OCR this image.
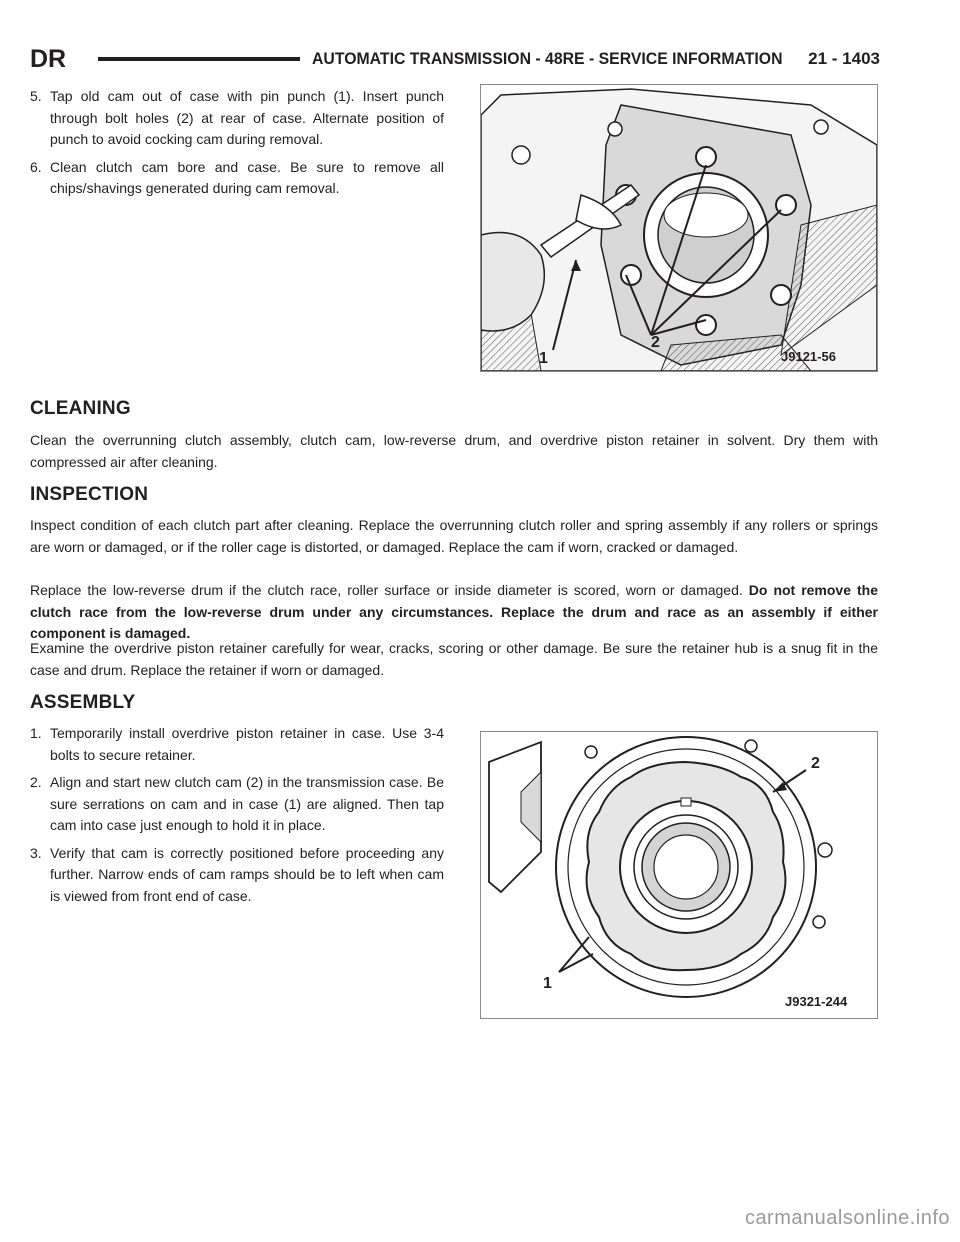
DR	AUTOMATIC TRANSMISSION - 48RE - SERVICE INFORMATION 21 - 1403
5. Tap old cam out of case with pin punch (1). Insert punch through bolt holes (2) at rear of case. Alternate position of punch to avoid cocking cam during removal.
6. Clean clutch cam bore and case. Be sure to remove all chips/shavings generated during cam removal.
1
2
J9121-56
CLEANING
Clean the overrunning clutch assembly, clutch cam, low-reverse drum, and overdrive piston retainer in solvent. Dry them with compressed air after cleaning.
INSPECTION
Inspect condition of each clutch part after cleaning. Replace the overrunning clutch roller and spring assembly if any rollers or springs are worn or damaged, or if the roller cage is distorted, or damaged. Replace the cam if worn, cracked or damaged.
Replace the low-reverse drum if the clutch race, roller surface or inside diameter is scored, worn or damaged. Do not remove the clutch race from the low-reverse drum under any circumstances. Replace the drum and race as an assembly if either component is damaged.
Examine the overdrive piston retainer carefully for wear, cracks, scoring or other damage. Be sure the retainer hub is a snug fit in the case and drum. Replace the retainer if worn or damaged.
ASSEMBLY
1. Temporarily install overdrive piston retainer in case. Use 3-4 bolts to secure retainer.
2. Align and start new clutch cam (2) in the transmission case. Be sure serrations on cam and in case (1) are aligned. Then tap cam into case just enough to hold it in place.
3. Verify that cam is correctly positioned before proceeding any further. Narrow ends of cam ramps should be to left when cam is viewed from front end of case.
2
1
J9321-244
carmanualsonline.info
